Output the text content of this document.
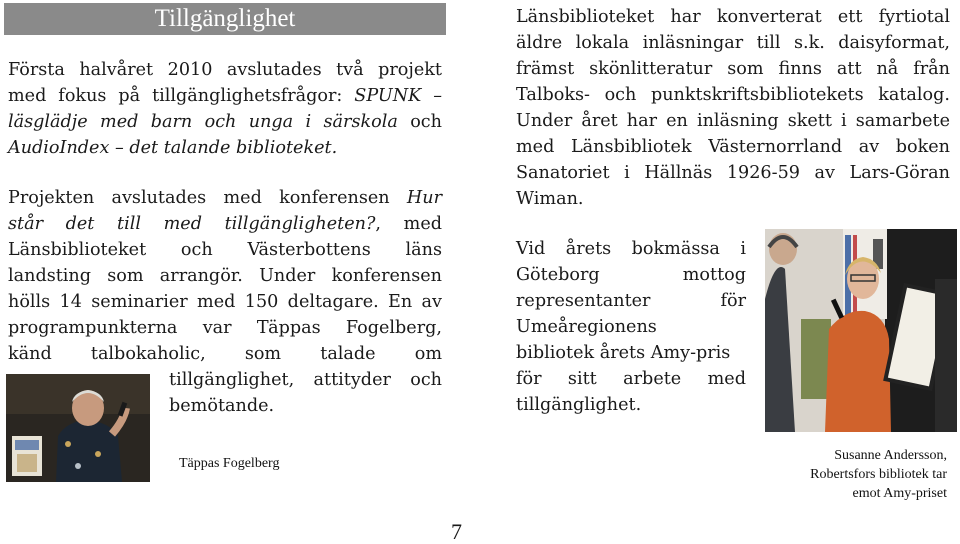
Tillgänglighet
Första halvåret 2010 avslutades två projekt
med fokus på tillgänglighetsfrågor: SPUNK –
läsglädje med barn och unga i särskola och
AudioIndex – det talande biblioteket.
Projekten avslutades med konferensen Hur
står det till med tillgängligheten?, med
Länsbiblioteket och Västerbottens läns
landsting som arrangör. Under konferensen
hölls 14 seminarier med 150 deltagare. En av
programpunkterna var Täppas Fogelberg,
känd talbokaholic, som talade om
tillgänglighet, attityder och
bemötande.
Täppas Fogelberg
Länsbiblioteket har konverterat ett fyrtiotal
äldre lokala inläsningar till s.k. daisyformat,
främst skönlitteratur som finns att nå från
Talboks- och punktskriftsbibliotekets katalog.
Under året har en inläsning skett i samarbete
med Länsbibliotek Västernorrland av boken
Sanatoriet i Hällnäs 1926-59 av Lars-Göran
Wiman.
Vid årets bokmässa i
Göteborg mottog
representanter för
Umeåregionens
bibliotek årets Amy-pris
för sitt arbete med
tillgänglighet.
Susanne Andersson,
Robertsfors bibliotek tar
emot Amy-priset
7
